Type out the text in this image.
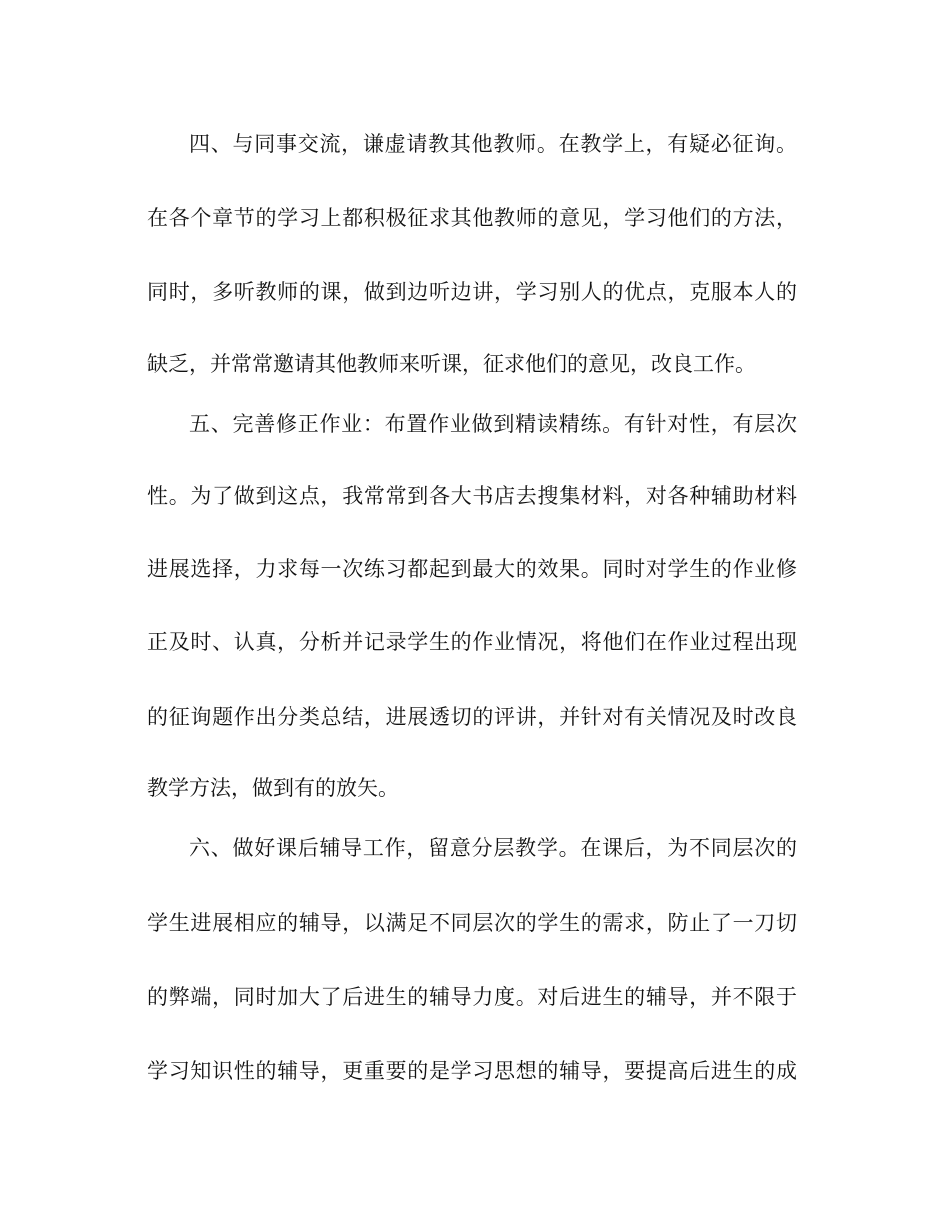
四、与同事交流，谦虚请教其他教师。在教学上，有疑必征询。
在各个章节的学习上都积极征求其他教师的意见，学习他们的方法，
同时，多听教师的课，做到边听边讲，学习别人的优点，克服本人的
缺乏，并常常邀请其他教师来听课，征求他们的意见，改良工作。
五、完善修正作业：布置作业做到精读精练。有针对性，有层次
性。为了做到这点，我常常到各大书店去搜集材料，对各种辅助材料
进展选择，力求每一次练习都起到最大的效果。同时对学生的作业修
正及时、认真，分析并记录学生的作业情况，将他们在作业过程出现
的征询题作出分类总结，进展透切的评讲，并针对有关情况及时改良
教学方法，做到有的放矢。
六、做好课后辅导工作，留意分层教学。在课后，为不同层次的
学生进展相应的辅导，以满足不同层次的学生的需求，防止了一刀切
的弊端，同时加大了后进生的辅导力度。对后进生的辅导，并不限于
学习知识性的辅导，更重要的是学习思想的辅导，要提高后进生的成
